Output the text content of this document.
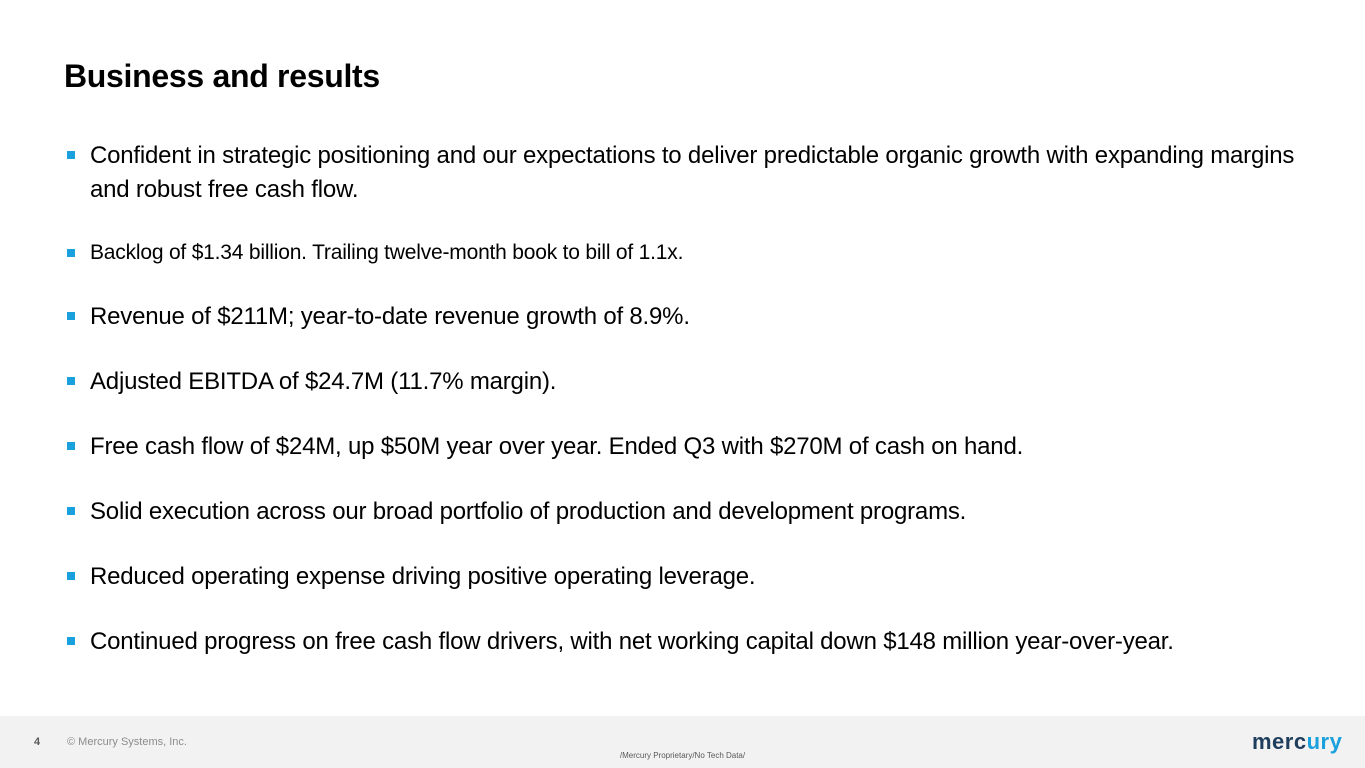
Business and results
Confident in strategic positioning and our expectations to deliver predictable organic growth with expanding margins and robust free cash flow.
Backlog of $1.34 billion. Trailing twelve-month book to bill of 1.1x.
Revenue of $211M; year-to-date revenue growth of 8.9%.
Adjusted EBITDA of $24.7M (11.7% margin).
Free cash flow of $24M, up $50M year over year. Ended Q3 with $270M of cash on hand.
Solid execution across our broad portfolio of production and development programs.
Reduced operating expense driving positive operating leverage.
Continued progress on free cash flow drivers, with net working capital down $148 million year-over-year.
4 © Mercury Systems, Inc.
/Mercury Proprietary/No Tech Data/
mercury
